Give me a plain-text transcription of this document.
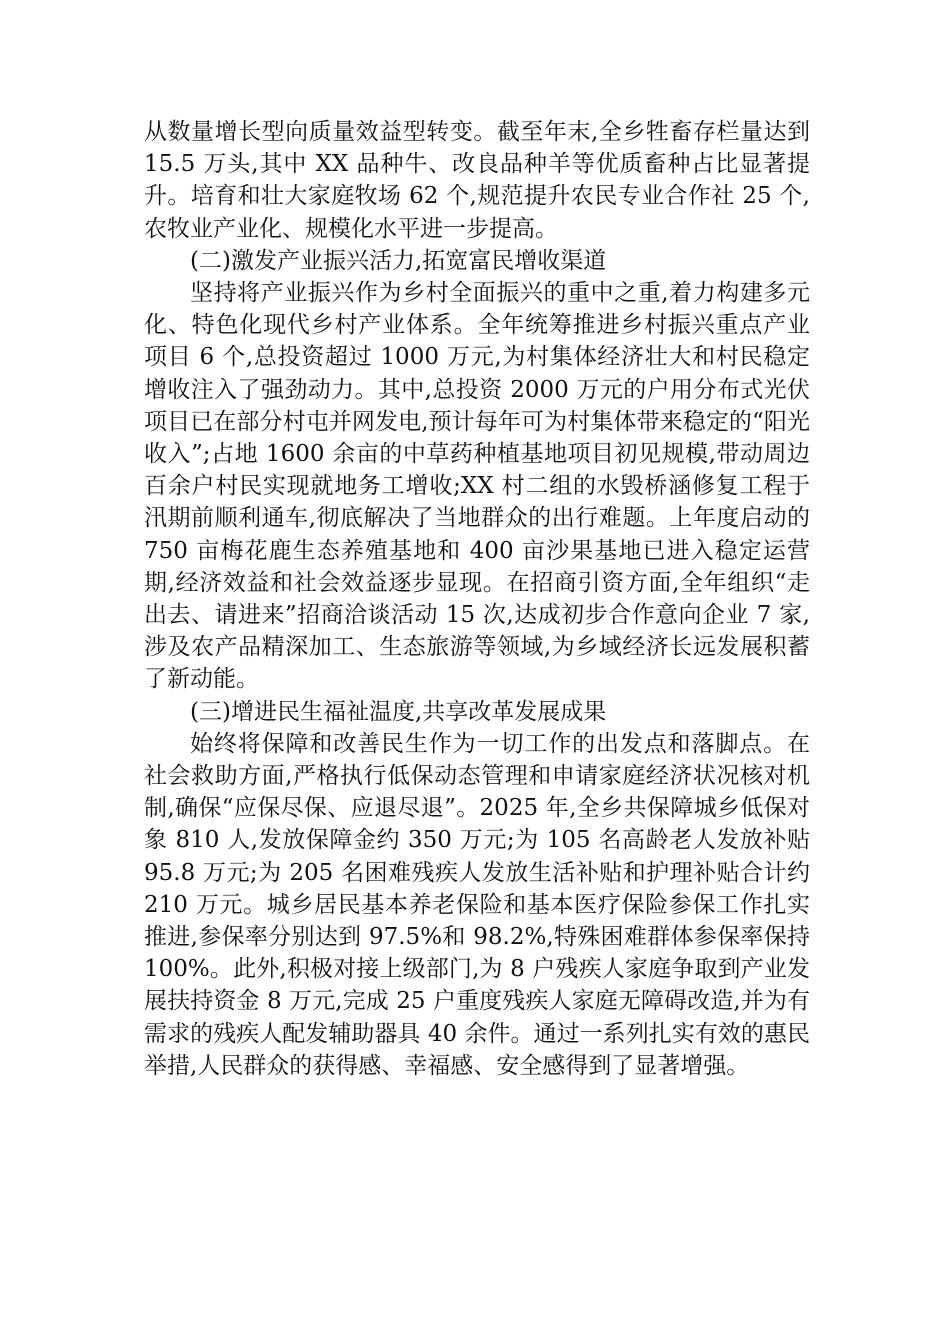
从数量增长型向质量效益型转变。截至年末,全乡牲畜存栏量达到 15.5 万头,其中 XX 品种牛、改良品种羊等优质畜种占比显著提升。培育和壮大家庭牧场 62 个,规范提升农民专业合作社 25 个,农牧业产业化、规模化水平进一步提高。

(二)激发产业振兴活力,拓宽富民增收渠道

坚持将产业振兴作为乡村全面振兴的重中之重,着力构建多元化、特色化现代乡村产业体系。全年统筹推进乡村振兴重点产业项目 6 个,总投资超过 1000 万元,为村集体经济壮大和村民稳定增收注入了强劲动力。其中,总投资 2000 万元的户用分布式光伏项目已在部分村屯并网发电,预计每年可为村集体带来稳定的“阳光收入”;占地 1600 余亩的中草药种植基地项目初见规模,带动周边百余户村民实现就地务工增收;XX 村二组的水毁桥涵修复工程于汛期前顺利通车,彻底解决了当地群众的出行难题。上年度启动的 750 亩梅花鹿生态养殖基地和 400 亩沙果基地已进入稳定运营期,经济效益和社会效益逐步显现。在招商引资方面,全年组织“走出去、请进来”招商洽谈活动 15 次,达成初步合作意向企业 7 家,涉及农产品精深加工、生态旅游等领域,为乡域经济长远发展积蓄了新动能。

(三)增进民生福祉温度,共享改革发展成果

始终将保障和改善民生作为一切工作的出发点和落脚点。在社会救助方面,严格执行低保动态管理和申请家庭经济状况核对机制,确保“应保尽保、应退尽退”。2025 年,全乡共保障城乡低保对象 810 人,发放保障金约 350 万元;为 105 名高龄老人发放补贴 95.8 万元;为 205 名困难残疾人发放生活补贴和护理补贴合计约 210 万元。城乡居民基本养老保险和基本医疗保险参保工作扎实推进,参保率分别达到 97.5%和 98.2%,特殊困难群体参保率保持 100%。此外,积极对接上级部门,为 8 户残疾人家庭争取到产业发展扶持资金 8 万元,完成 25 户重度残疾人家庭无障碍改造,并为有需求的残疾人配发辅助器具 40 余件。通过一系列扎实有效的惠民举措,人民群众的获得感、幸福感、安全感得到了显著增强。
